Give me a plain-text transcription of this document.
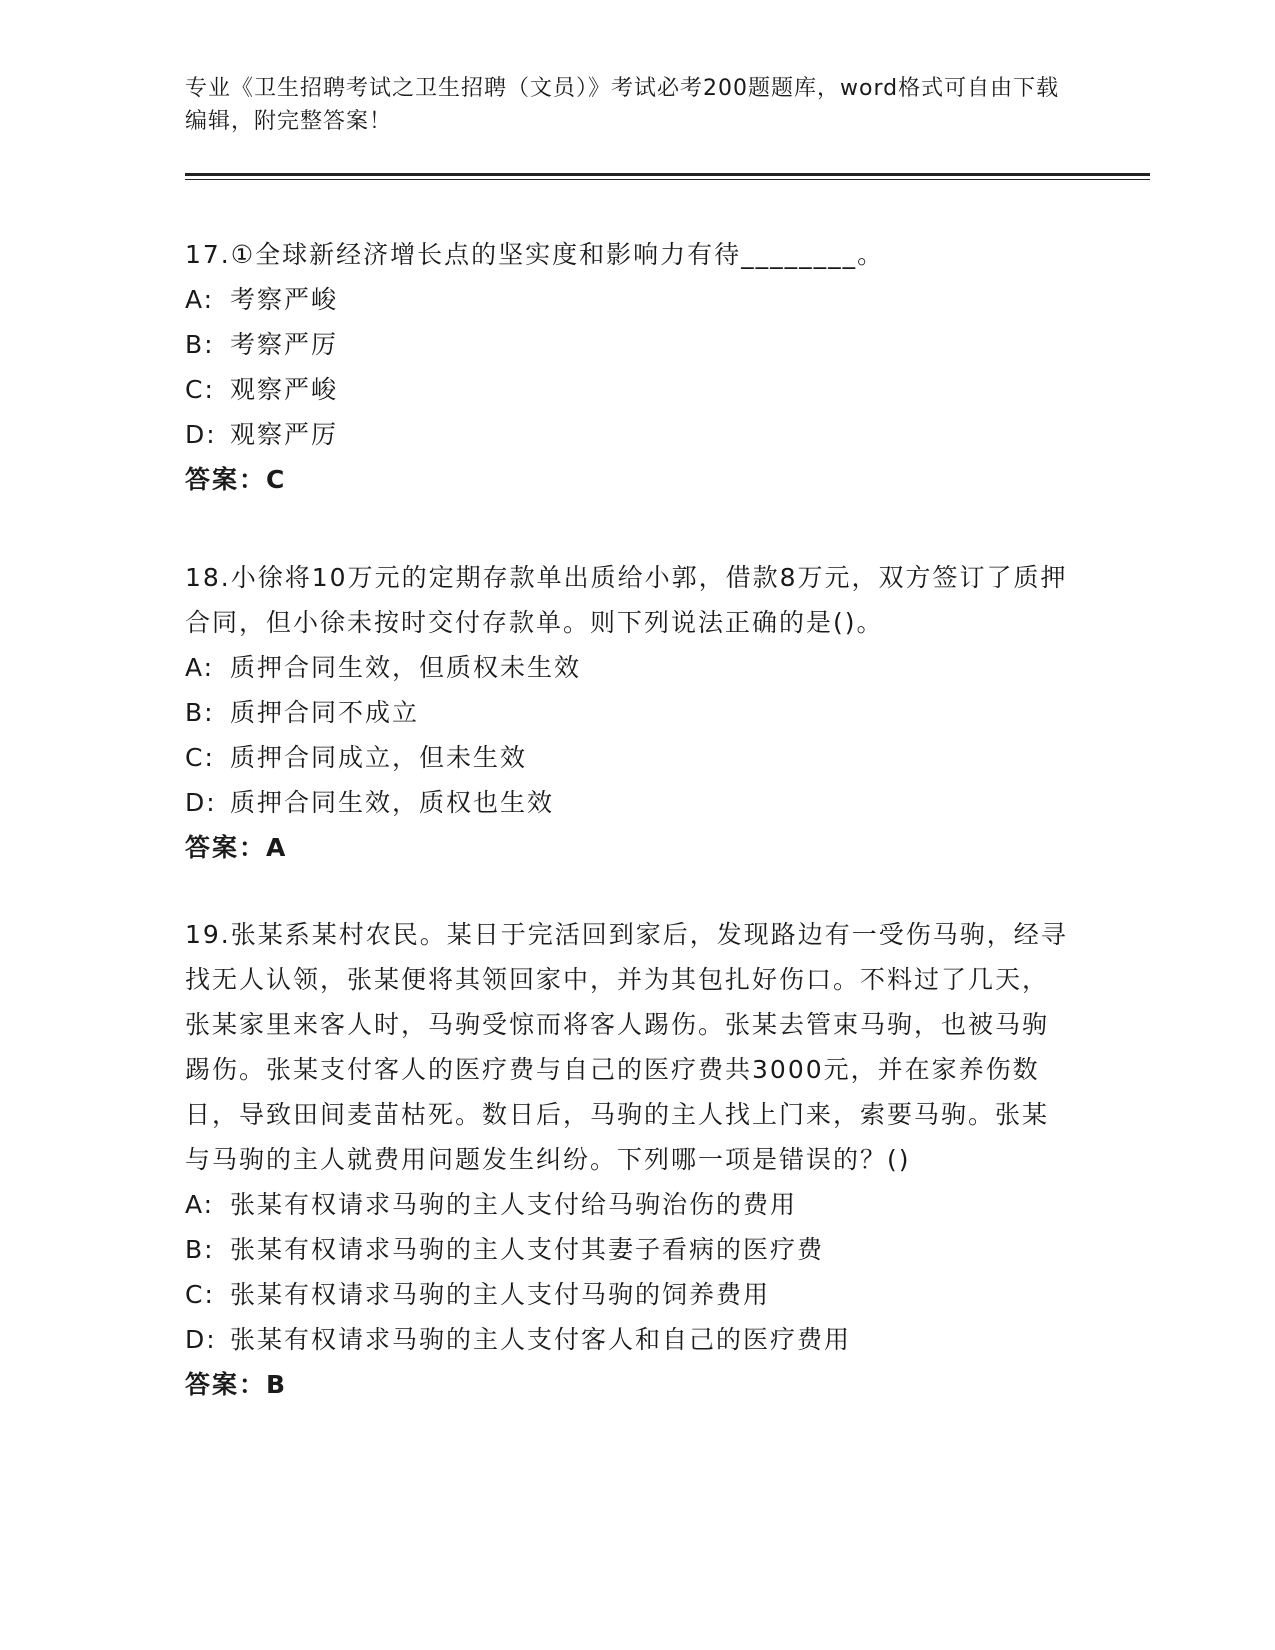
专业《卫生招聘考试之卫生招聘（文员）》考试必考200题题库，word格式可自由下载编辑，附完整答案！

17.①全球新经济增长点的坚实度和影响力有待________。

A: 考察严峻

B: 考察严厉

C: 观察严峻

D: 观察严厉

答案：C

18.小徐将10万元的定期存款单出质给小郭，借款8万元，双方签订了质押合同，但小徐未按时交付存款单。则下列说法正确的是()。

A: 质押合同生效，但质权未生效

B: 质押合同不成立

C: 质押合同成立，但未生效

D: 质押合同生效，质权也生效

答案：A

19.张某系某村农民。某日于完活回到家后，发现路边有一受伤马驹，经寻找无人认领，张某便将其领回家中，并为其包扎好伤口。不料过了几天，张某家里来客人时，马驹受惊而将客人踢伤。张某去管束马驹，也被马驹踢伤。张某支付客人的医疗费与自己的医疗费共3000元，并在家养伤数日，导致田间麦苗枯死。数日后，马驹的主人找上门来，索要马驹。张某与马驹的主人就费用问题发生纠纷。下列哪一项是错误的？()

A: 张某有权请求马驹的主人支付给马驹治伤的费用

B: 张某有权请求马驹的主人支付其妻子看病的医疗费

C: 张某有权请求马驹的主人支付马驹的饲养费用

D: 张某有权请求马驹的主人支付客人和自己的医疗费用

答案：B
